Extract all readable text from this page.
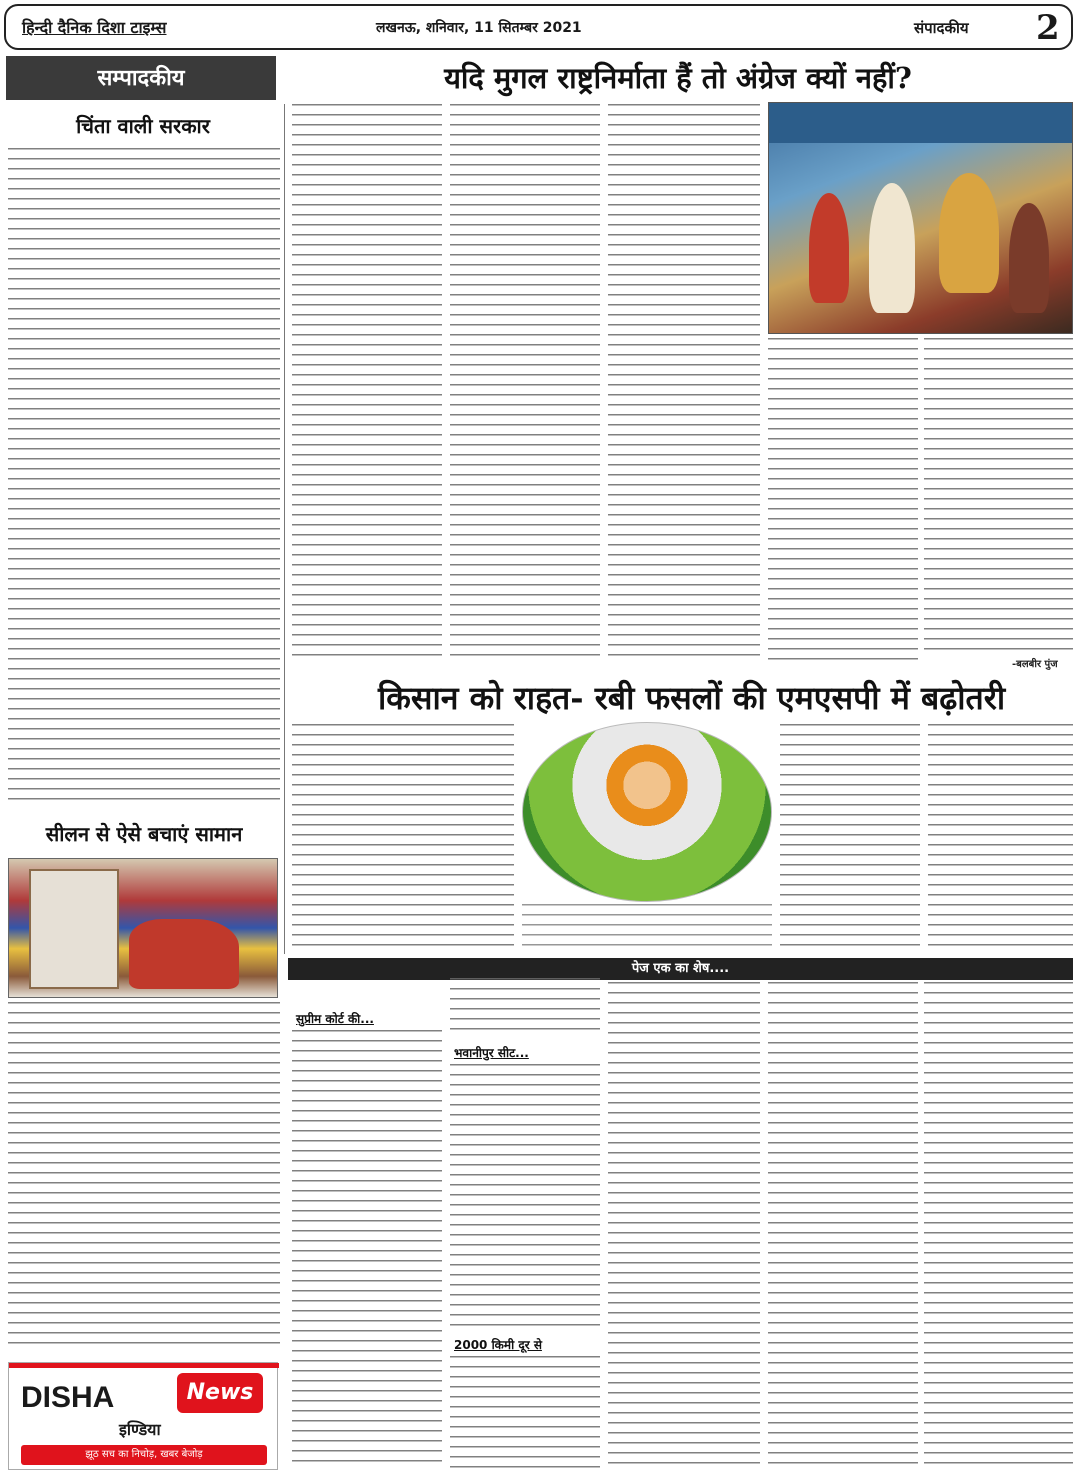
हिन्दी दैनिक दिशा टाइम्स	लखनऊ, शनिवार, 11 सितम्बर 2021	संपादकीय 2
सम्पादकीय	यदि मुगल राष्ट्रनिर्माता हैं तो अंग्रेज क्यों नहीं?
चिंता वाली सरकार
-बलबीर पुंज
किसान को राहत- रबी फसलों की एमएसपी में बढ़ोतरी
सीलन से ऐसे बचाएं सामान
पेज एक का शेष....
सुप्रीम कोर्ट की...
भवानीपुर सीट...
2000 किमी दूर से
DISHA	News
इण्डिया
झूठ सच का निचोड़, खबर बेजोड़
